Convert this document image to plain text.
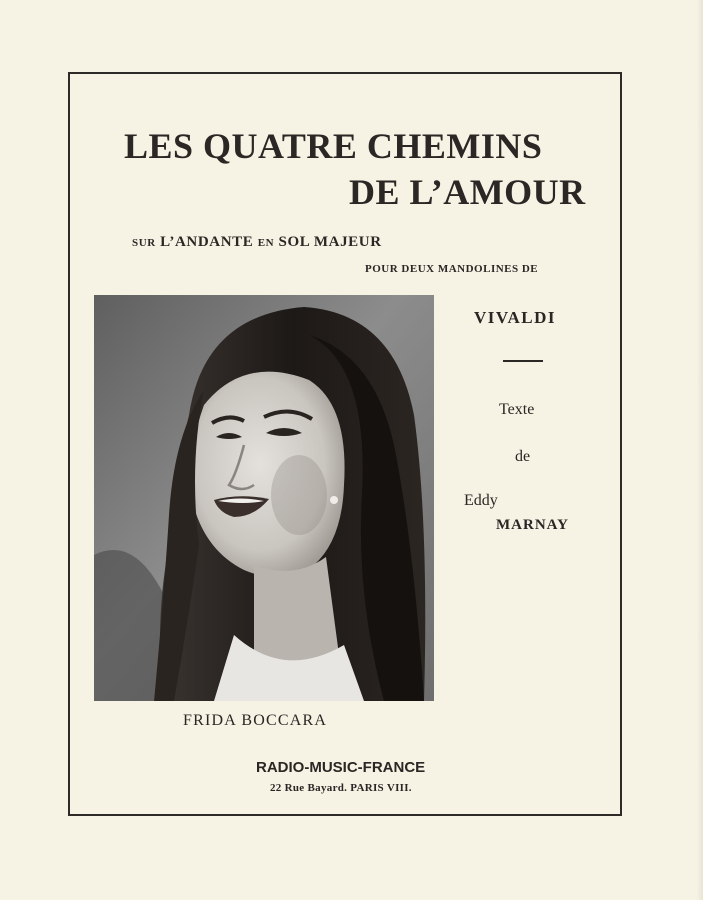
LES QUATRE CHEMINS
DE L’AMOUR
SUR L’ANDANTE EN SOL MAJEUR
POUR DEUX MANDOLINES DE
VIVALDI
Texte
de
Eddy
MARNAY
FRIDA BOCCARA
RADIO-MUSIC-FRANCE
22 Rue Bayard. PARIS VIII.
